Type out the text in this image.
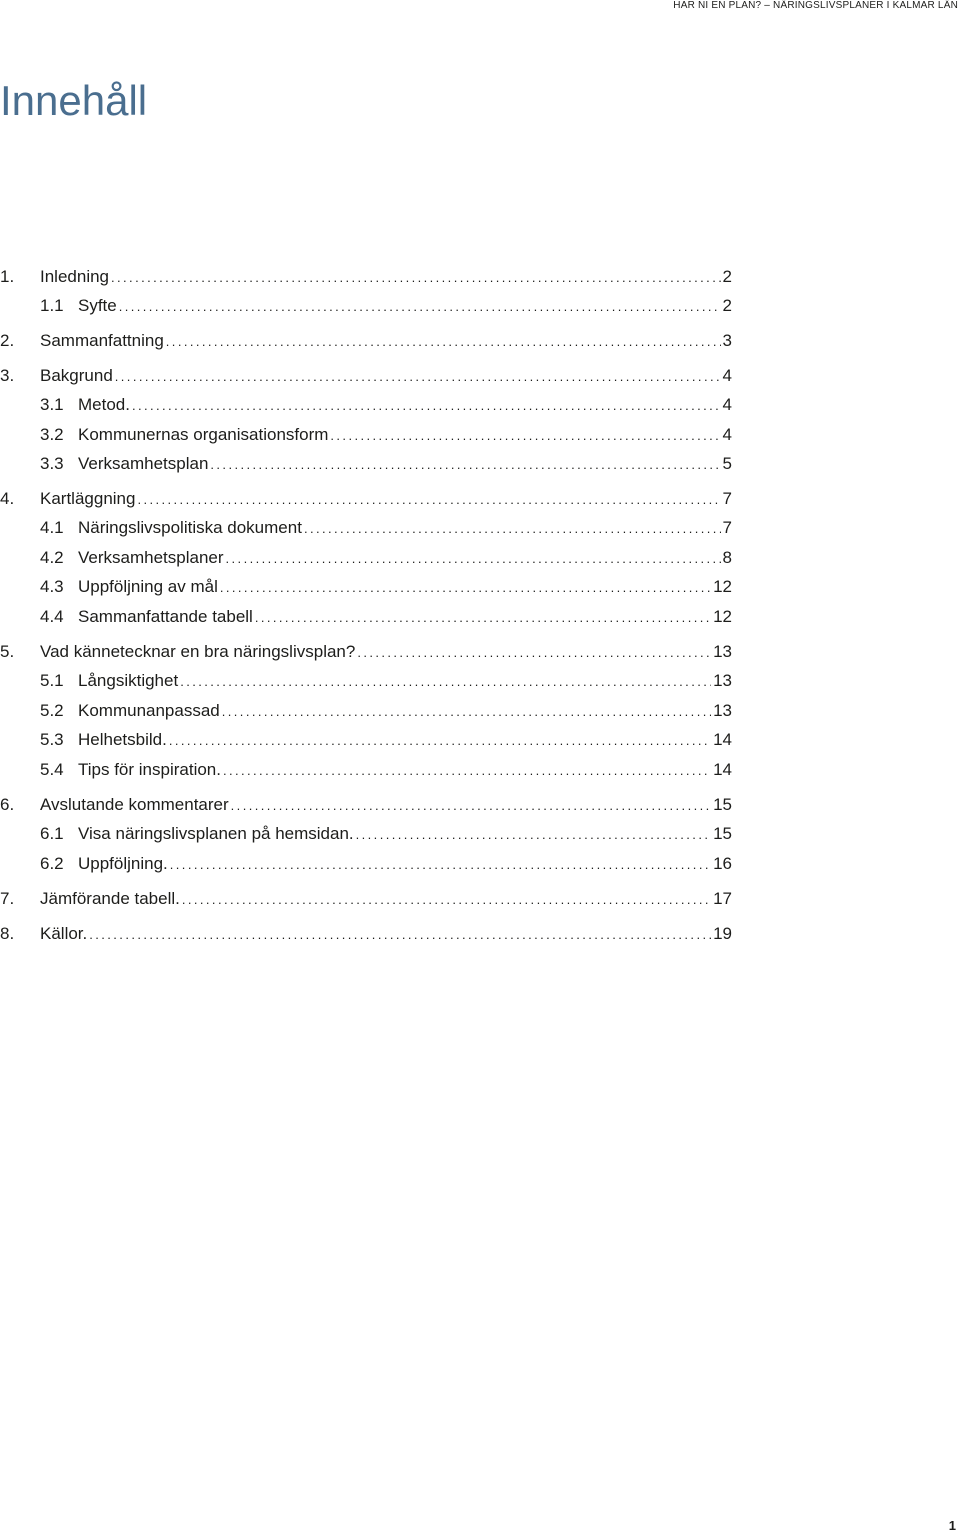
HAR NI EN PLAN? – NÄRINGSLIVSPLANER I KALMAR LÄN
Innehåll
1.	Inledning .....	2
1.1 Syfte .....	2
2.	Sammanfattning .....	3
3.	Bakgrund .....	4
3.1 Metod. .....	4
3.2 Kommunernas organisationsform .....	4
3.3 Verksamhetsplan .....	5
4.	Kartläggning .....	7
4.1 Näringslivspolitiska dokument .....	7
4.2 Verksamhetsplaner .....	8
4.3 Uppföljning av mål .....	12
4.4 Sammanfattande tabell .....	12
5.	Vad kännetecknar en bra näringslivsplan? .....	13
5.1 Långsiktighet .....	13
5.2 Kommunanpassad .....	13
5.3 Helhetsbild. .....	14
5.4 Tips för inspiration. .....	14
6.	Avslutande kommentarer .....	15
6.1 Visa näringslivsplanen på hemsidan. .....	15
6.2 Uppföljning. .....	16
7.	Jämförande tabell. .....	17
8.	Källor. .....	19
1
